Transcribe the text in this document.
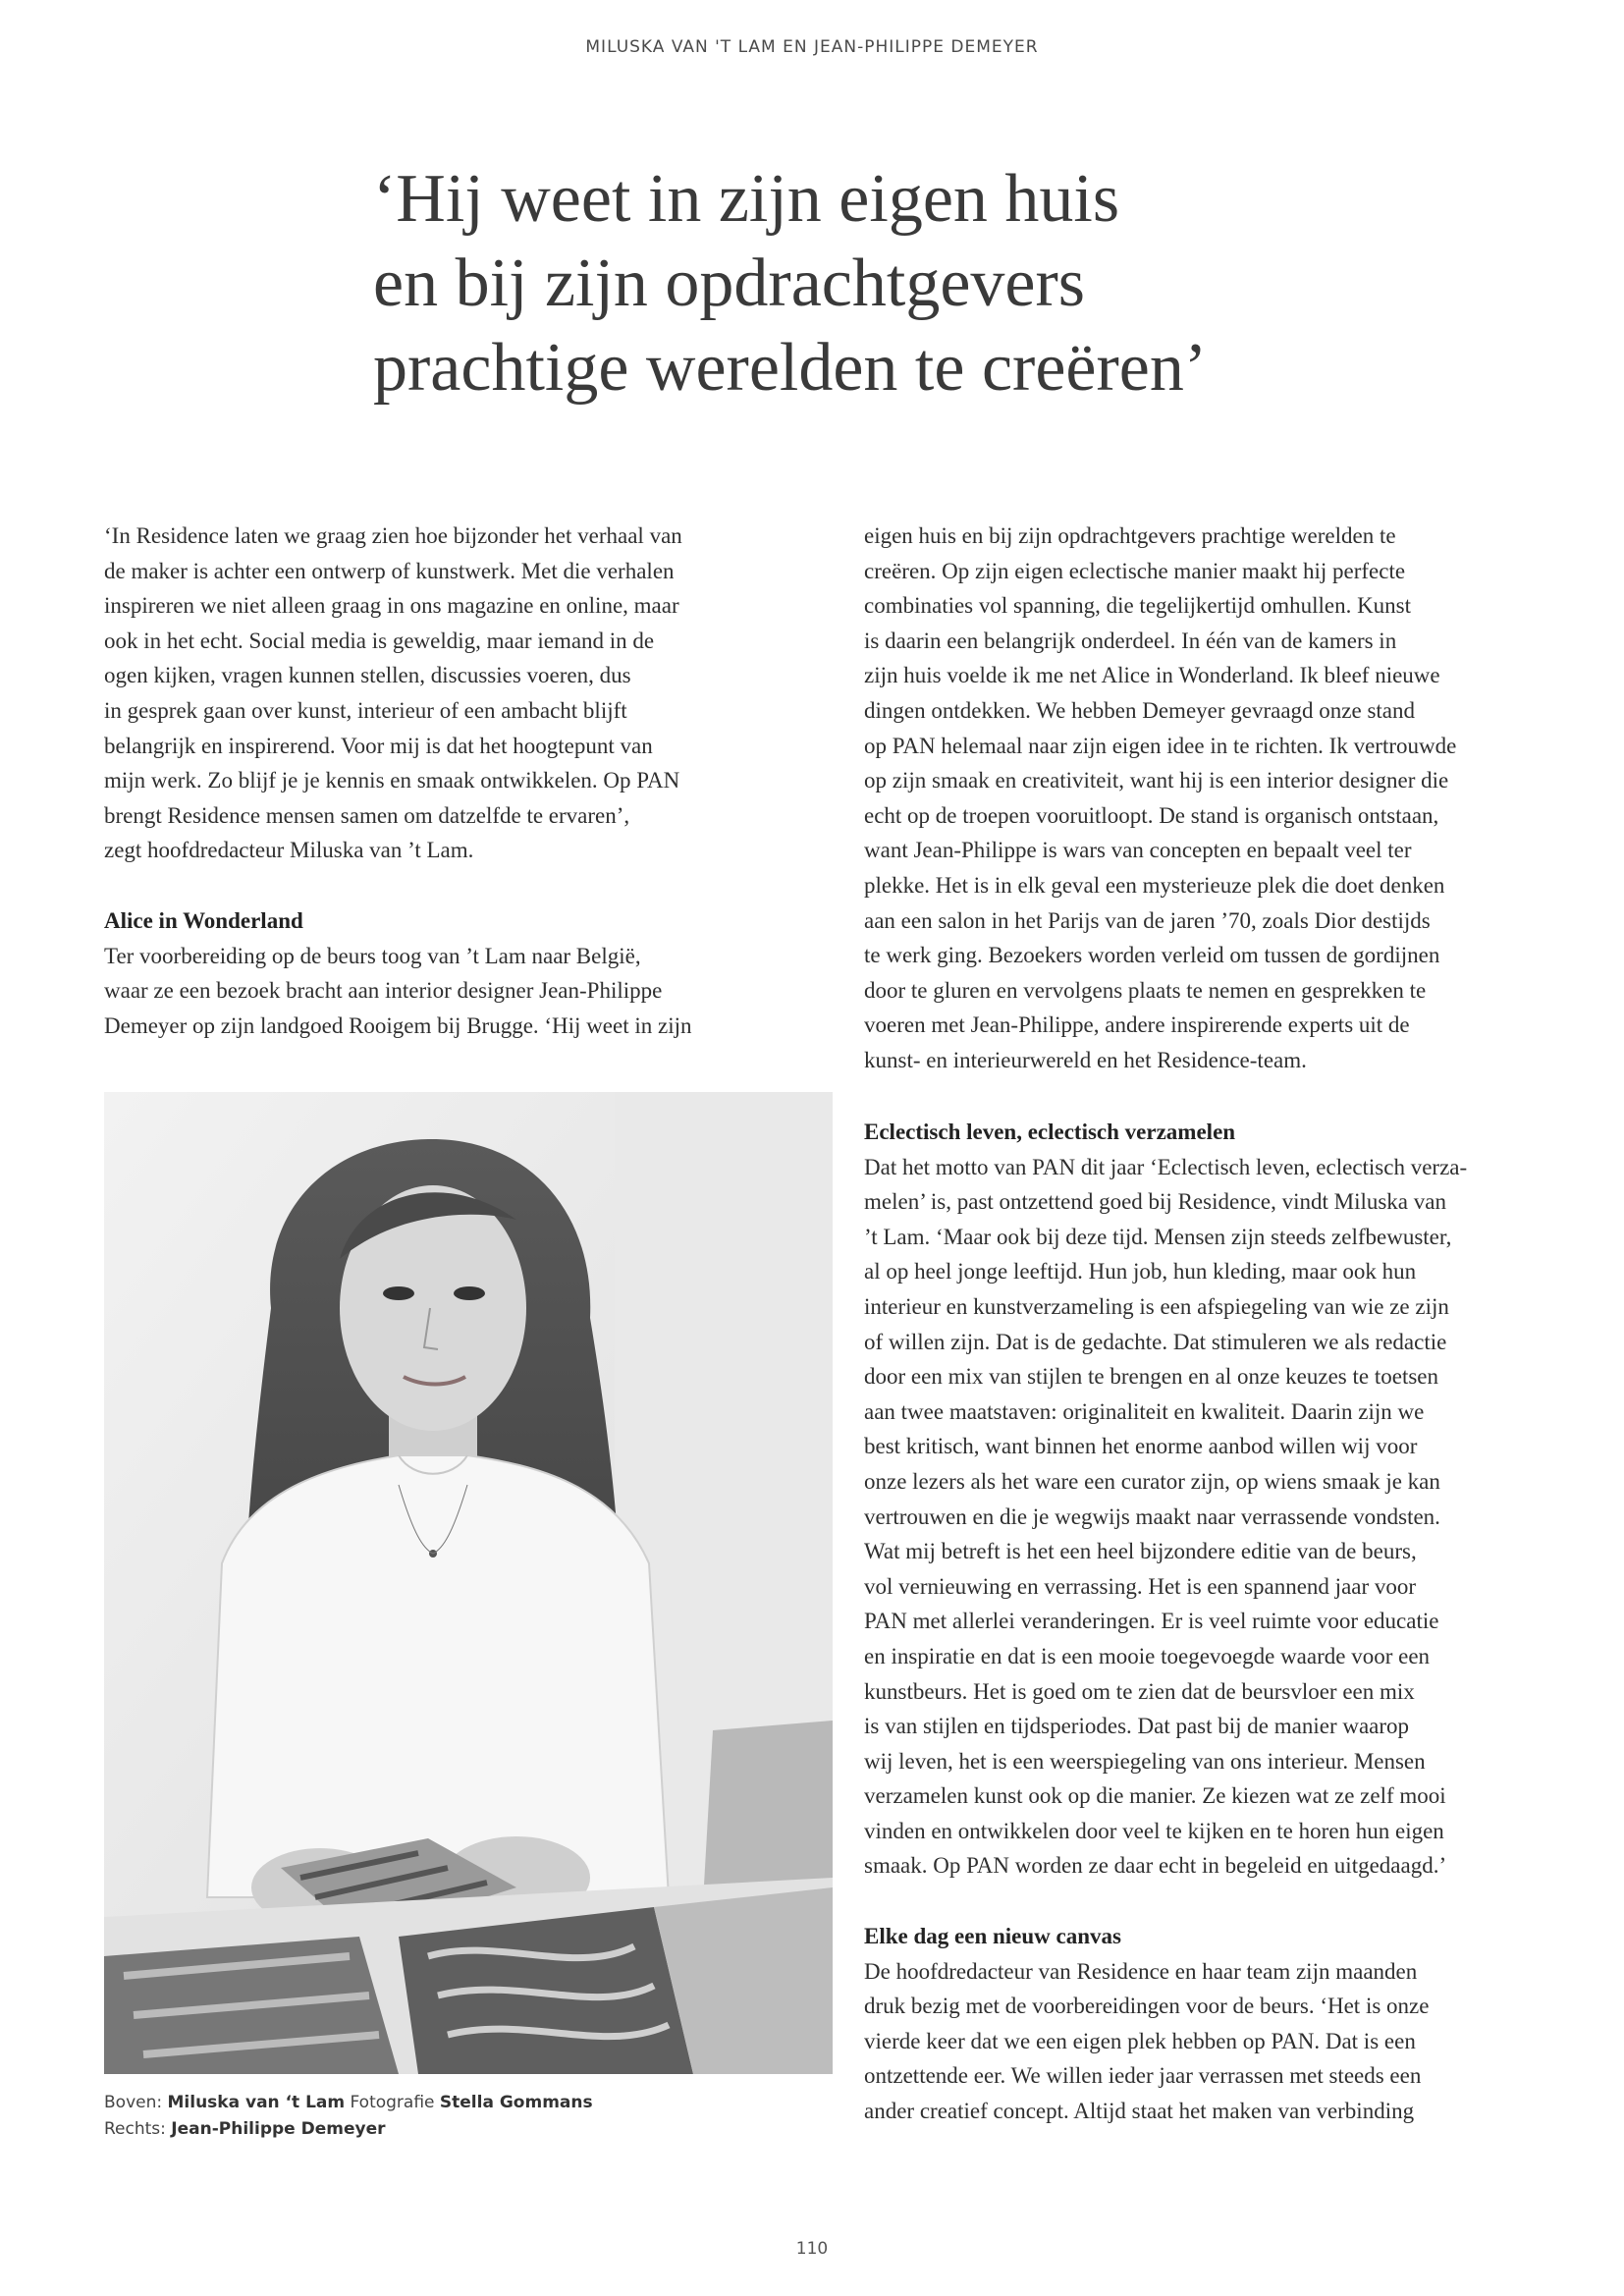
MILUSKA VAN 'T LAM EN JEAN-PHILIPPE DEMEYER
‘Hij weet in zijn eigen huis
en bij zijn opdrachtgevers
prachtige werelden te creëren’
‘In Residence laten we graag zien hoe bijzonder het verhaal van
de maker is achter een ontwerp of kunstwerk. Met die verhalen
inspireren we niet alleen graag in ons magazine en online, maar
ook in het echt. Social media is geweldig, maar iemand in de
ogen kijken, vragen kunnen stellen, discussies voeren, dus
in gesprek gaan over kunst, interieur of een ambacht blijft
belangrijk en inspirerend. Voor mij is dat het hoogtepunt van
mijn werk. Zo blijf je je kennis en smaak ontwikkelen. Op PAN
brengt Residence mensen samen om datzelfde te ervaren’,
zegt hoofdredacteur Miluska van ’t Lam.

Alice in Wonderland

Ter voorbereiding op de beurs toog van ’t Lam naar België,
waar ze een bezoek bracht aan interior designer Jean-Philippe
Demeyer op zijn landgoed Rooigem bij Brugge. ‘Hij weet in zijn
Boven: Miluska van ‘t Lam Fotografie Stella Gommans
Rechts: Jean-Philippe Demeyer
eigen huis en bij zijn opdrachtgevers prachtige werelden te
creëren. Op zijn eigen eclectische manier maakt hij perfecte
combinaties vol spanning, die tegelijkertijd omhullen. Kunst
is daarin een belangrijk onderdeel. In één van de kamers in
zijn huis voelde ik me net Alice in Wonderland. Ik bleef nieuwe
dingen ontdekken. We hebben Demeyer gevraagd onze stand
op PAN helemaal naar zijn eigen idee in te richten. Ik vertrouwde
op zijn smaak en creativiteit, want hij is een interior designer die
echt op de troepen vooruitloopt. De stand is organisch ontstaan,
want Jean-Philippe is wars van concepten en bepaalt veel ter
plekke. Het is in elk geval een mysterieuze plek die doet denken
aan een salon in het Parijs van de jaren ’70, zoals Dior destijds
te werk ging. Bezoekers worden verleid om tussen de gordijnen
door te gluren en vervolgens plaats te nemen en gesprekken te
voeren met Jean-Philippe, andere inspirerende experts uit de
kunst- en interieurwereld en het Residence-team.

Eclectisch leven, eclectisch verzamelen

Dat het motto van PAN dit jaar ‘Eclectisch leven, eclectisch verza-
melen’ is, past ontzettend goed bij Residence, vindt Miluska van
’t Lam. ‘Maar ook bij deze tijd. Mensen zijn steeds zelfbewuster,
al op heel jonge leeftijd. Hun job, hun kleding, maar ook hun
interieur en kunstverzameling is een afspiegeling van wie ze zijn
of willen zijn. Dat is de gedachte. Dat stimuleren we als redactie
door een mix van stijlen te brengen en al onze keuzes te toetsen
aan twee maatstaven: originaliteit en kwaliteit. Daarin zijn we
best kritisch, want binnen het enorme aanbod willen wij voor
onze lezers als het ware een curator zijn, op wiens smaak je kan
vertrouwen en die je wegwijs maakt naar verrassende vondsten.
Wat mij betreft is het een heel bijzondere editie van de beurs,
vol vernieuwing en verrassing. Het is een spannend jaar voor
PAN met allerlei veranderingen. Er is veel ruimte voor educatie
en inspiratie en dat is een mooie toegevoegde waarde voor een
kunstbeurs. Het is goed om te zien dat de beursvloer een mix
is van stijlen en tijdsperiodes. Dat past bij de manier waarop
wij leven, het is een weerspiegeling van ons interieur. Mensen
verzamelen kunst ook op die manier. Ze kiezen wat ze zelf mooi
vinden en ontwikkelen door veel te kijken en te horen hun eigen
smaak. Op PAN worden ze daar echt in begeleid en uitgedaagd.’

Elke dag een nieuw canvas

De hoofdredacteur van Residence en haar team zijn maanden
druk bezig met de voorbereidingen voor de beurs. ‘Het is onze
vierde keer dat we een eigen plek hebben op PAN. Dat is een
ontzettende eer. We willen ieder jaar verrassen met steeds een
ander creatief concept. Altijd staat het maken van verbinding
110
